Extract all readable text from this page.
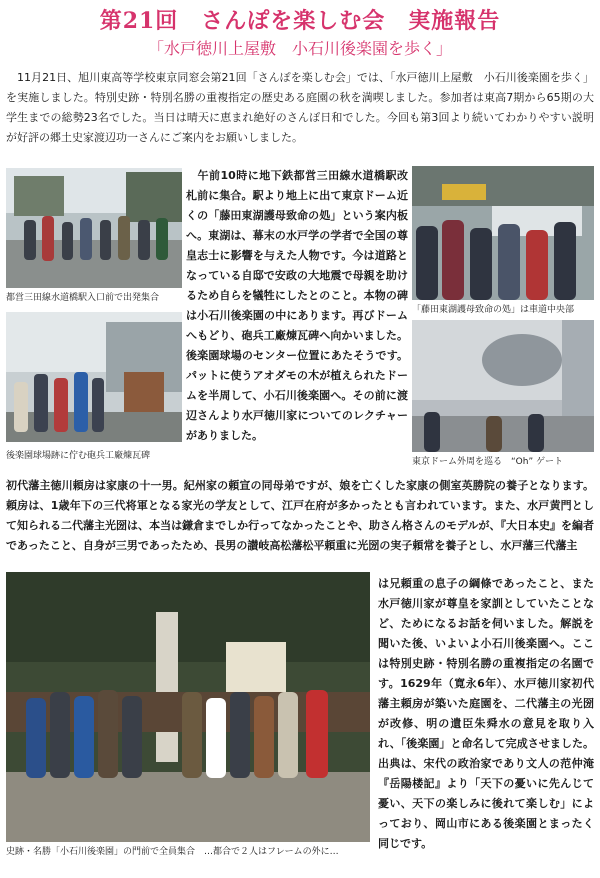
第21回　さんぽを楽しむ会　実施報告
「水戸徳川上屋敷　小石川後楽園を歩く」

　11月21日、旭川東高等学校東京同窓会第21回「さんぽを楽しむ会」では、「水戸徳川上屋敷　小石川後楽園を歩く」を実施しました。特別史跡・特別名勝の重複指定の歴史ある庭園の秋を満喫しました。参加者は東高7期から65期の大学生までの総勢23名でした。当日は晴天に恵まれ絶好のさんぽ日和でした。今回も第3回より続いてわかりやすい説明が好評の郷土史家渡辺功一さんにご案内をお願いしました。

都営三田線水道橋駅入口前で出発集合
後楽園球場跡に佇む砲兵工廠煉瓦碑

　午前10時に地下鉄都営三田線水道橋駅改札前に集合。駅より地上に出て東京ドーム近くの「藤田東湖護母致命の処」という案内板へ。東湖は、幕末の水戸学の学者で全国の尊皇志士に影響を与えた人物です。今は道路となっている自邸で安政の大地震で母親を助けるため自らを犠牲にしたとのこと。本物の碑は小石川後楽園の中にあります。再びドームへもどり、砲兵工廠煉瓦碑へ向かいました。後楽園球場のセンター位置にあたそうです。パットに使うアオダモの木が植えられたドームを半周して、小石川後楽園へ。その前に渡辺さんより水戸徳川家についてのレクチャーがありました。

「藤田東湖護母致命の処」は車道中央部
東京ドーム外周を巡る　“Oh” ゲート

初代藩主徳川頼房は家康の十一男。紀州家の頼宣の同母弟ですが、娘を亡くした家康の側室英勝院の養子となります。頼房は、1歳年下の三代将軍となる家光の学友として、江戸在府が多かったとも言われています。また、水戸黄門として知られる二代藩主光圀は、本当は鎌倉までしか行ってなかったことや、助さん格さんのモデルが、『大日本史』を編者であったこと、自身が三男であったため、長男の讃岐高松藩松平頼重に光圀の実子頼常を養子とし、水戸藩三代藩主

史跡・名勝「小石川後楽園」の門前で全員集合　…都合で２人はフレームの外に…

は兄頼重の息子の綱條であったこと、また水戸徳川家が尊皇を家訓としていたことなど、ためになるお話を伺いました。解説を聞いた後、いよいよ小石川後楽園へ。ここは特別史跡・特別名勝の重複指定の名園です。1629年（寛永6年）、水戸徳川家初代藩主頼房が築いた庭園を、二代藩主の光圀が改修、明の遺臣朱舜水の意見を取り入れ、「後楽園」と命名して完成させました。出典は、宋代の政治家であり文人の范仲淹『岳陽楼記』より「天下の憂いに先んじて憂い、天下の楽しみに後れて楽しむ」によっており、岡山市にある後楽園とまったく同じです。
